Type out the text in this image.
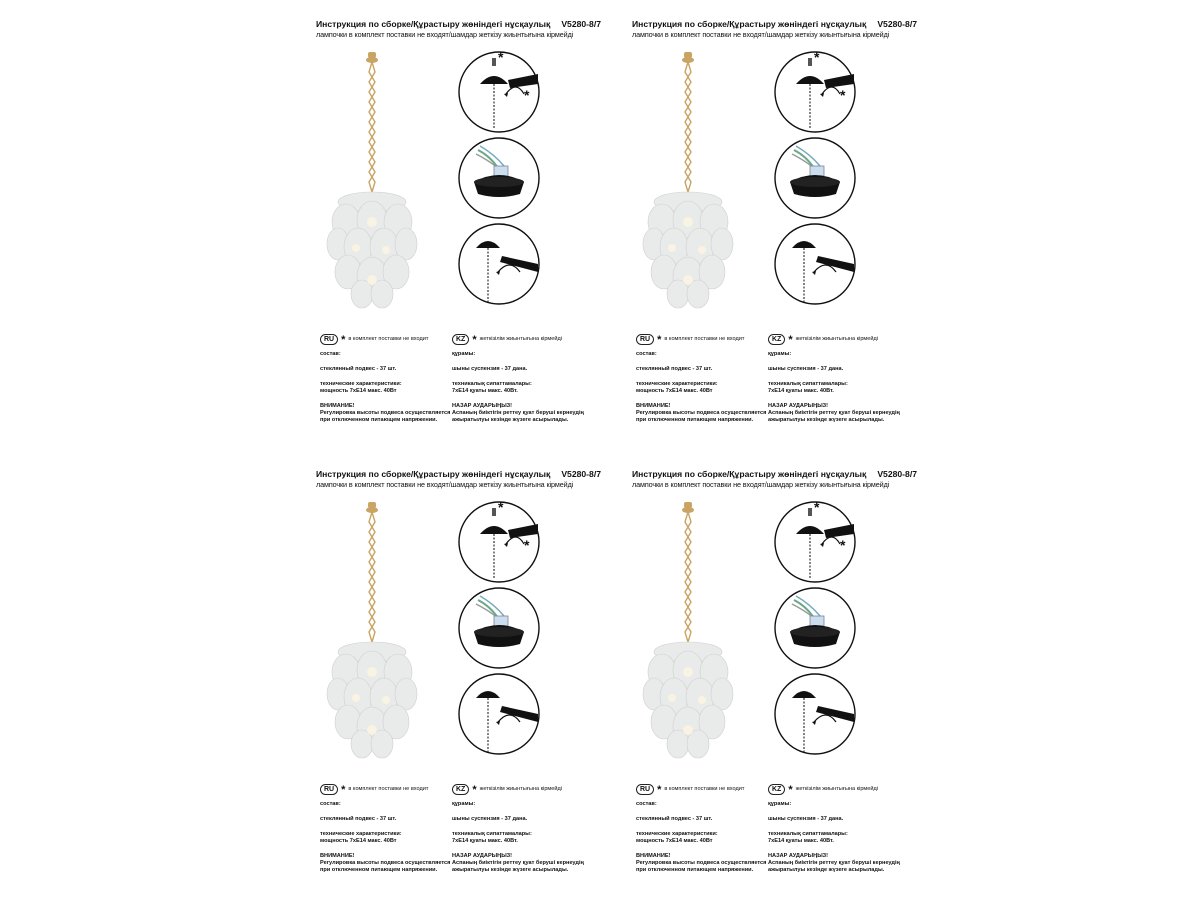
Инструкция по сборке/Құрастыру жөніндегі нұсқаулық V5280-8/7
лампочки в комплект поставки не входят/шамдар жеткізу жиынтығына кірмейді
*
*
RU * в комплект поставки не входит

состав:

стеклянный подвес - 37 шт.

технические характеристики:

мощность 7хE14 макс. 40Вт

ВНИМАНИЕ!
Регулировка высоты подвеса осуществляется
при отключенном питающем напряжении.
KZ * жеткізілім жиынтығына кірмейді

құрамы:

шыны суспензия - 37 дана.

техникалық сипаттамалары:

7хE14 қуаты макс. 40Вт.

НАЗАР АУДАРЫҢЫЗ!
Аспаның биіктігін реттеу қуат беруші кернеудің
ажыратылуы кезінде жүзеге асырылады.
Инструкция по сборке/Құрастыру жөніндегі нұсқаулық V5280-8/7
лампочки в комплект поставки не входят/шамдар жеткізу жиынтығына кірмейді
*
*
RU * в комплект поставки не входит

состав:

стеклянный подвес - 37 шт.

технические характеристики:

мощность 7хE14 макс. 40Вт

ВНИМАНИЕ!
Регулировка высоты подвеса осуществляется
при отключенном питающем напряжении.
KZ * жеткізілім жиынтығына кірмейді

құрамы:

шыны суспензия - 37 дана.

техникалық сипаттамалары:

7хE14 қуаты макс. 40Вт.

НАЗАР АУДАРЫҢЫЗ!
Аспаның биіктігін реттеу қуат беруші кернеудің
ажыратылуы кезінде жүзеге асырылады.
Инструкция по сборке/Құрастыру жөніндегі нұсқаулық V5280-8/7
лампочки в комплект поставки не входят/шамдар жеткізу жиынтығына кірмейді
*
*
RU * в комплект поставки не входит

состав:

стеклянный подвес - 37 шт.

технические характеристики:

мощность 7хE14 макс. 40Вт

ВНИМАНИЕ!
Регулировка высоты подвеса осуществляется
при отключенном питающем напряжении.
KZ * жеткізілім жиынтығына кірмейді

құрамы:

шыны суспензия - 37 дана.

техникалық сипаттамалары:

7хE14 қуаты макс. 40Вт.

НАЗАР АУДАРЫҢЫЗ!
Аспаның биіктігін реттеу қуат беруші кернеудің
ажыратылуы кезінде жүзеге асырылады.
Инструкция по сборке/Құрастыру жөніндегі нұсқаулық V5280-8/7
лампочки в комплект поставки не входят/шамдар жеткізу жиынтығына кірмейді
*
*
RU * в комплект поставки не входит

состав:

стеклянный подвес - 37 шт.

технические характеристики:

мощность 7хE14 макс. 40Вт

ВНИМАНИЕ!
Регулировка высоты подвеса осуществляется
при отключенном питающем напряжении.
KZ * жеткізілім жиынтығына кірмейді

құрамы:

шыны суспензия - 37 дана.

техникалық сипаттамалары:

7хE14 қуаты макс. 40Вт.

НАЗАР АУДАРЫҢЫЗ!
Аспаның биіктігін реттеу қуат беруші кернеудің
ажыратылуы кезінде жүзеге асырылады.
